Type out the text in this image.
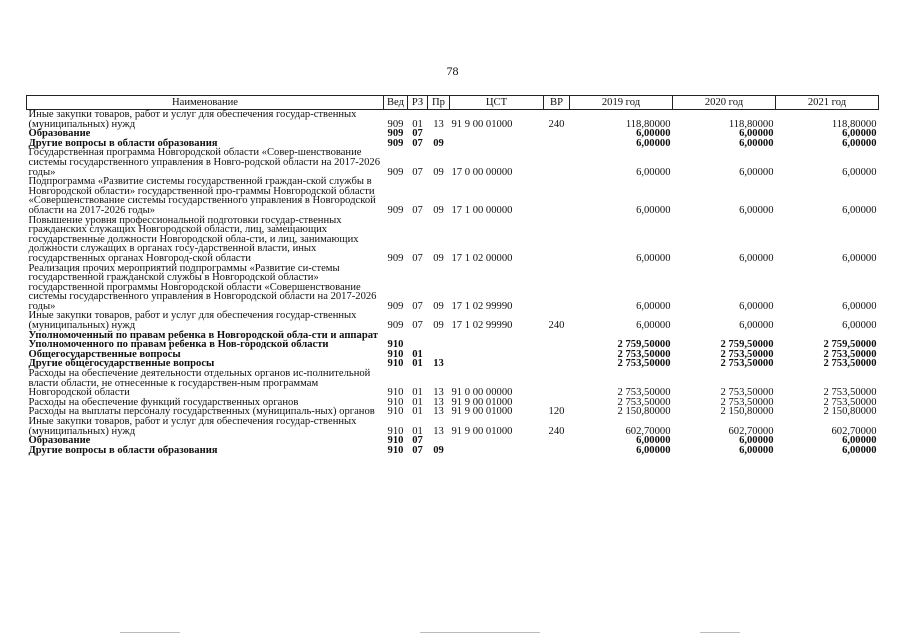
78
Наименование	Вед	РЗ	Пр	ЦСТ	ВР	2019 год	2020 год	2021 год
Иные закупки товаров, работ и услуг для обеспечения государ-ственных (муниципальных) нужд	909	01	13	91 9 00 01000	240	118,80000	118,80000	118,80000
Образование	909	07				6,00000	6,00000	6,00000
Другие вопросы в области образования	909	07	09			6,00000	6,00000	6,00000
Государственная программа Новгородской области «Совер-шенствование системы государственного управления в Новго-родской области на 2017-2026 годы»	909	07	09	17 0 00 00000		6,00000	6,00000	6,00000
Подпрограмма «Развитие системы государственной граждан-ской службы в Новгородской области» государственной про-граммы Новгородской области «Совершенствование системы государственного управления в Новгородской области на 2017-2026 годы»	909	07	09	17 1 00 00000		6,00000	6,00000	6,00000
Повышение уровня профессиональной подготовки государ-ственных гражданских служащих Новгородской области, лиц, замещающих государственные должности Новгородской обла-сти, и лиц, занимающих должности служащих в органах госу-дарственной власти, иных государственных органах Новгород-ской области	909	07	09	17 1 02 00000		6,00000	6,00000	6,00000
Реализация прочих мероприятий подпрограммы «Развитие си-стемы государственной гражданской службы в Новгородской области» государственной программы Новгородской области «Совершенствование системы государственного управления в Новгородской области на 2017-2026 годы»	909	07	09	17 1 02 99990		6,00000	6,00000	6,00000
Иные закупки товаров, работ и услуг для обеспечения государ-ственных (муниципальных) нужд	909	07	09	17 1 02 99990	240	6,00000	6,00000	6,00000
Уполномоченный по правам ребенка в Новгородской обла-сти и аппарат Уполномоченного по правам ребенка в Нов-городской области	910					2 759,50000	2 759,50000	2 759,50000
Общегосударственные вопросы	910	01				2 753,50000	2 753,50000	2 753,50000
Другие общегосударственные вопросы	910	01	13			2 753,50000	2 753,50000	2 753,50000
Расходы на обеспечение деятельности отдельных органов ис-полнительной власти области, не отнесенные к государствен-ным программам Новгородской области	910	01	13	91 0 00 00000		2 753,50000	2 753,50000	2 753,50000
Расходы на обеспечение функций государственных органов	910	01	13	91 9 00 01000		2 753,50000	2 753,50000	2 753,50000
Расходы на выплаты персоналу государственных (муниципаль-ных) органов	910	01	13	91 9 00 01000	120	2 150,80000	2 150,80000	2 150,80000
Иные закупки товаров, работ и услуг для обеспечения государ-ственных (муниципальных) нужд	910	01	13	91 9 00 01000	240	602,70000	602,70000	602,70000
Образование	910	07				6,00000	6,00000	6,00000
Другие вопросы в области образования	910	07	09			6,00000	6,00000	6,00000
